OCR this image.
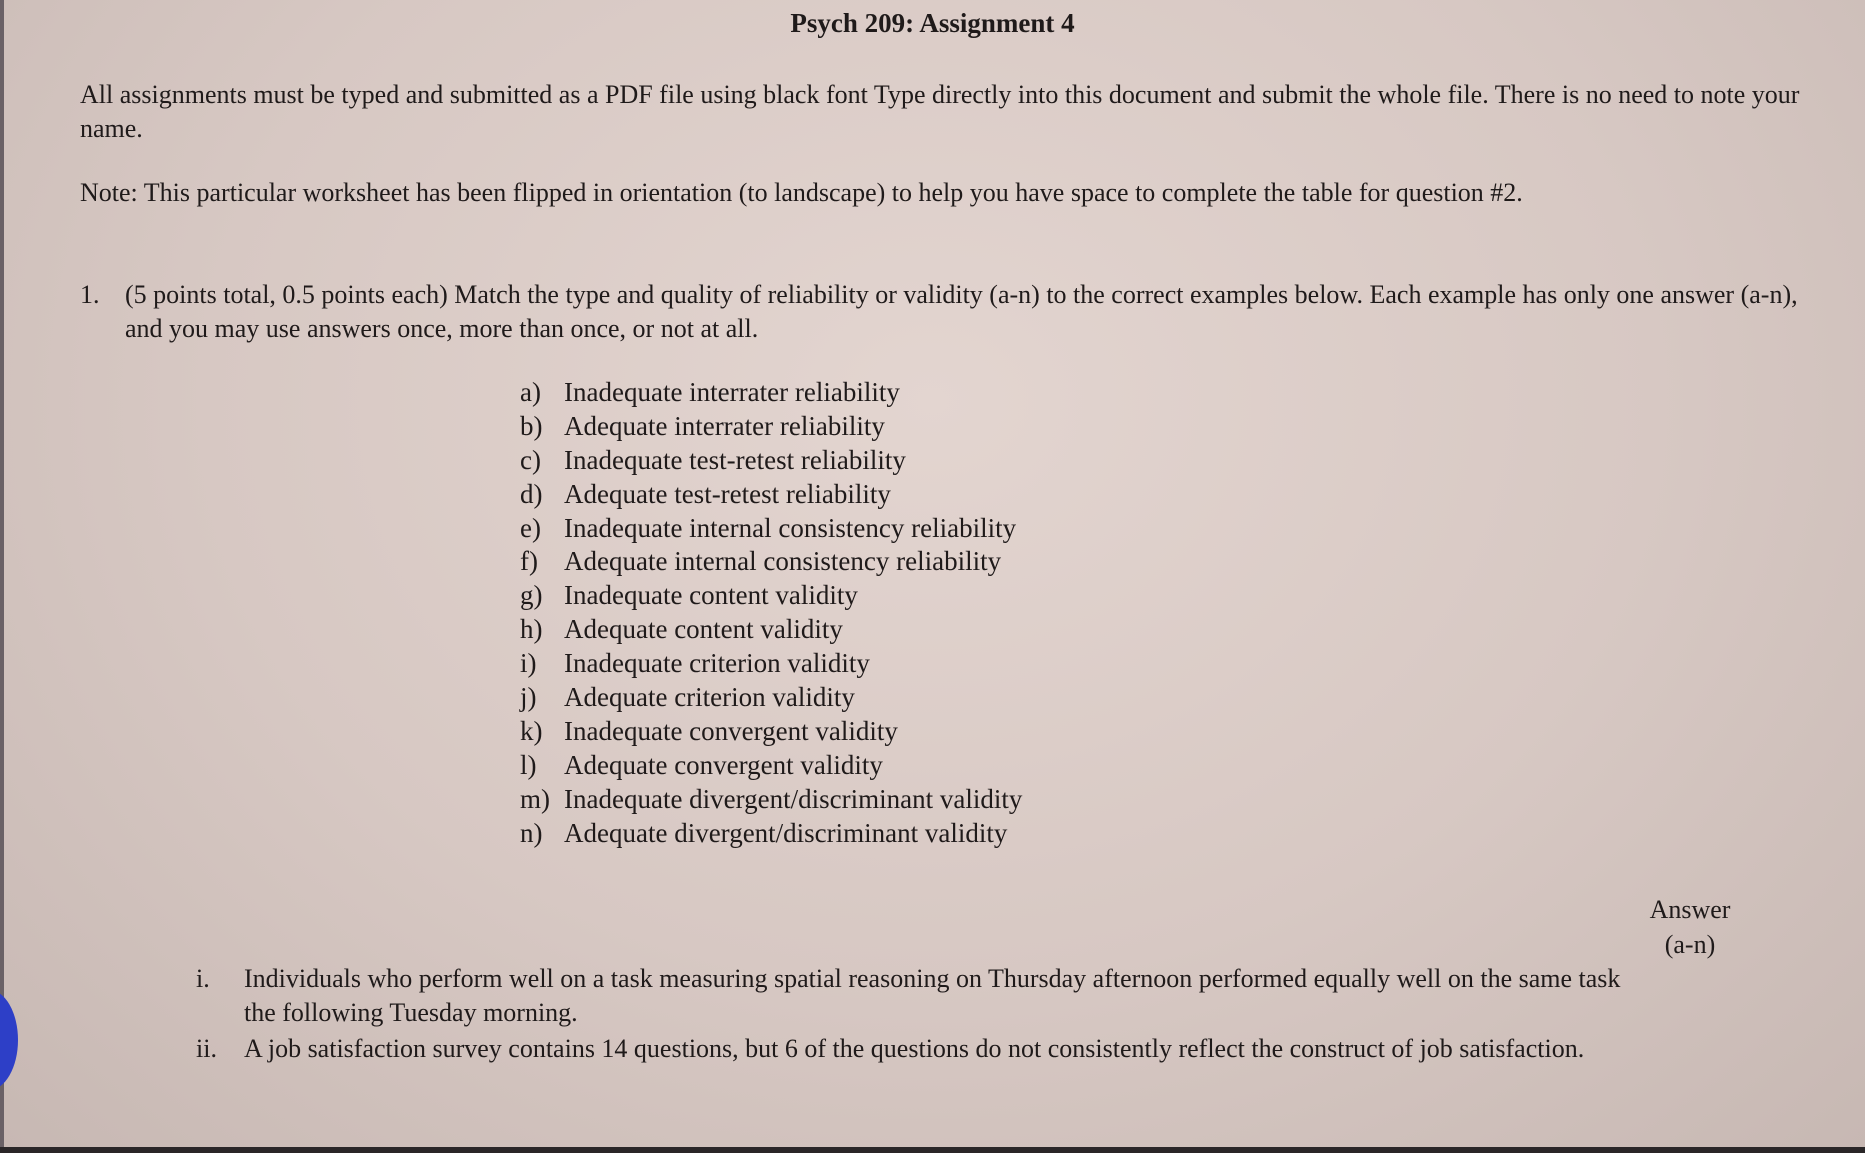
Psych 209: Assignment 4
All assignments must be typed and submitted as a PDF file using black font Type directly into this document and submit the whole file. There is no need to note your name.
Note: This particular worksheet has been flipped in orientation (to landscape) to help you have space to complete the table for question #2.
1. (5 points total, 0.5 points each) Match the type and quality of reliability or validity (a-n) to the correct examples below. Each example has only one answer (a-n), and you may use answers once, more than once, or not at all.
a) Inadequate interrater reliability
b) Adequate interrater reliability
c) Inadequate test-retest reliability
d) Adequate test-retest reliability
e) Inadequate internal consistency reliability
f) Adequate internal consistency reliability
g) Inadequate content validity
h) Adequate content validity
i) Inadequate criterion validity
j) Adequate criterion validity
k) Inadequate convergent validity
l) Adequate convergent validity
m) Inadequate divergent/discriminant validity
n) Adequate divergent/discriminant validity
Answer
(a-n)
i. Individuals who perform well on a task measuring spatial reasoning on Thursday afternoon performed equally well on the same task the following Tuesday morning.
ii. A job satisfaction survey contains 14 questions, but 6 of the questions do not consistently reflect the construct of job satisfaction.
